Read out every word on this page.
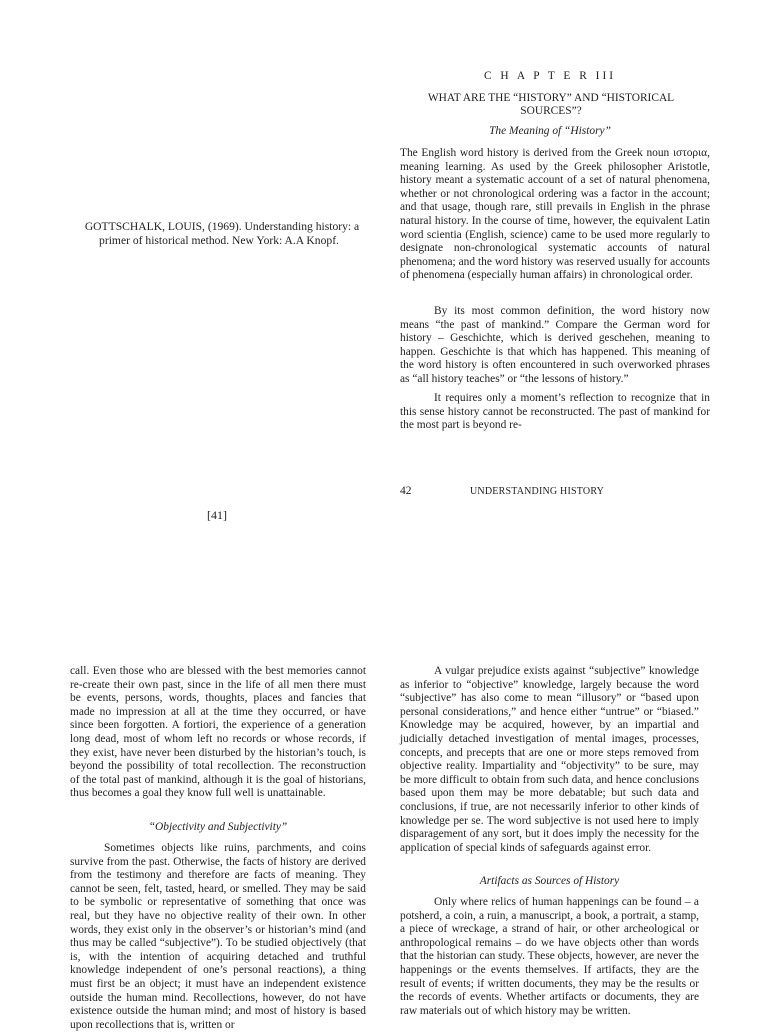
GOTTSCHALK, LOUIS, (1969). Understanding history: a primer of historical method. New York: A.A Knopf.
[41]
C H A P T E R III
WHAT ARE THE “HISTORY” AND “HISTORICAL SOURCES”?
The Meaning of “History”

The English word history is derived from the Greek noun ιστορια, meaning learning. As used by the Greek philosopher Aristotle, history meant a systematic account of a set of natural phenomena, whether or not chronological ordering was a factor in the account; and that usage, though rare, still prevails in English in the phrase natural history. In the course of time, however, the equivalent Latin word scientia (English, science) came to be used more regularly to designate non-chronological systematic accounts of natural phenomena; and the word history was reserved usually for accounts of phenomena (especially human affairs) in chronological order.

By its most common definition, the word history now means “the past of mankind.” Compare the German word for history – Geschichte, which is derived geschehen, meaning to happen. Geschichte is that which has happened. This meaning of the word history is often encountered in such overworked phrases as “all history teaches” or “the lessons of history.”

It requires only a moment’s reflection to recognize that in this sense history cannot be reconstructed. The past of mankind for the most part is beyond re-

42	UNDERSTANDING HISTORY

call. Even those who are blessed with the best memories cannot re-create their own past, since in the life of all men there must be events, persons, words, thoughts, places and fancies that made no impression at all at the time they occurred, or have since been forgotten. A fortiori, the experience of a generation long dead, most of whom left no records or whose records, if they exist, have never been disturbed by the historian’s touch, is beyond the possibility of total recollection. The reconstruction of the total past of mankind, although it is the goal of historians, thus becomes a goal they know full well is unattainable.

“Objectivity and Subjectivity”

Sometimes objects like ruins, parchments, and coins survive from the past. Otherwise, the facts of history are derived from the testimony and therefore are facts of meaning. They cannot be seen, felt, tasted, heard, or smelled. They may be said to be symbolic or representative of something that once was real, but they have no objective reality of their own. In other words, they exist only in the observer’s or historian’s mind (and thus may be called “subjective”). To be studied objectively (that is, with the intention of acquiring detached and truthful knowledge independent of one’s personal reactions), a thing must first be an object; it must have an independent existence outside the human mind. Recollections, however, do not have existence outside the human mind; and most of history is based upon recollections that is, written or

A vulgar prejudice exists against “subjective” knowledge as inferior to “objective” knowledge, largely because the word “subjective” has also come to mean “illusory” or “based upon personal considerations,” and hence either “untrue” or “biased.” Knowledge may be acquired, however, by an impartial and judicially detached investigation of mental images, processes, concepts, and precepts that are one or more steps removed from objective reality. Impartiality and “objectivity” to be sure, may be more difficult to obtain from such data, and hence conclusions based upon them may be more debatable; but such data and conclusions, if true, are not necessarily inferior to other kinds of knowledge per se. The word subjective is not used here to imply disparagement of any sort, but it does imply the necessity for the application of special kinds of safeguards against error.

Artifacts as Sources of History

Only where relics of human happenings can be found – a potsherd, a coin, a ruin, a manuscript, a book, a portrait, a stamp, a piece of wreckage, a strand of hair, or other archeological or anthropological remains – do we have objects other than words that the historian can study. These objects, however, are never the happenings or the events themselves. If artifacts, they are the result of events; if written documents, they may be the results or the records of events. Whether artifacts or documents, they are raw materials out of which history may be written.
